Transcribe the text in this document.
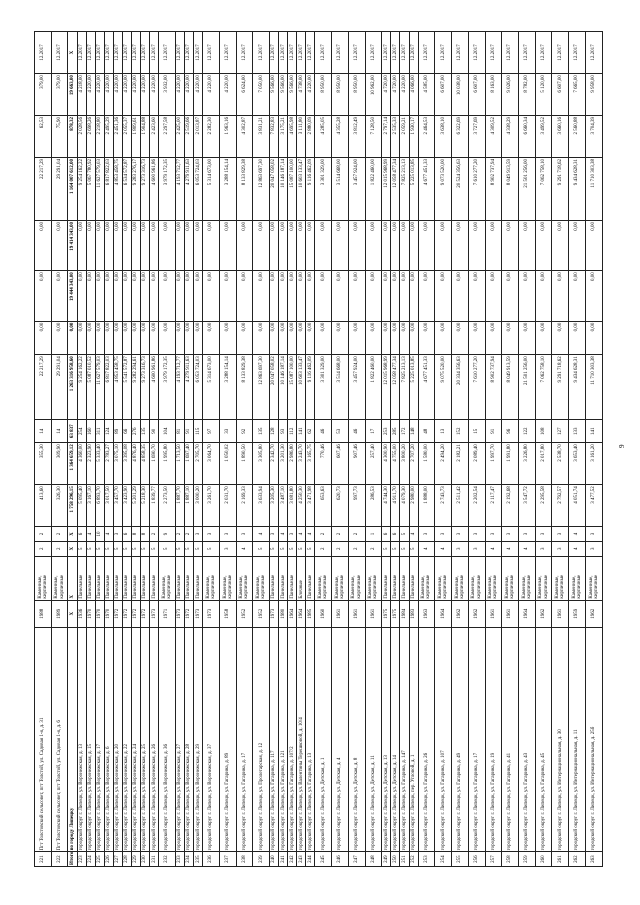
221	Пгт Толстовский сельсовет, пгт Толстой, ул. Садовая 1-я, д. 31	1988	Каменные, кирпичные	2	2	413,60	355,30	14	22 217,29	0,00	0,00	0,00	22 217,29	62,53	379,00	12.2017
222	Пгт Толстовский сельсовет, пгт Толстой, ул. Садовая 1-я, д. 6	1989	Каменные, кирпичные	2	2	326,30	309,90	14	29 291,04	0,00	0,00	0,00	29 291,04	75,90	379,00	12.2017
Итого по городу Липецку		X	X	X	X	1 758 296,15	1 364 659,12	63 837	1 263 316 958,60	0,00	19 444 343,00	19 414 343,00	1 164 007 612,00	878,32	19 663,00	X
223	городской округ г. Липецк, ул. Воронежская, д. 13	1936	Панельные	5	6	5 095,40	4 360,00	254	9 254 162,22	0,00	0,00	0,00	9 254 162,22	2 028,56	4 218,00	12.2017
224	городской округ г. Липецк, ул. Воронежская, д. 15	1970	Панельные	5	4	3 167,10	2 323,90	160	5 087 010,52	0,00	0,00	0,00	5 067 780,92	2 698,26	4 220,00	12.2017
225	городской округ г. Липецк, ул. Воронежская, д. 17	1970	Панельные	5	10	6 893,70	5 333,40	311	11 627 579,03	0,00	0,00	0,00	11 627 579,03	2 218,80	4 220,00	12.2017
226	городской округ г. Липецк, ул. Воронежская, д. 6	1970	Панельные	5	4	3 017,50	2 783,27	124	6 817 822,03	0,00	0,00	0,00	6 817 822,03	2 495,29	4 220,00	12.2017
227	городской округ г. Липецк, ул. Воронежская, д. 20	1972	Панельные	5	3	3 457,70	3 075,10	89	4 853 458,75	0,00	0,00	0,00	4 853 458,75	2 451,36	4 220,00	12.2017
228	городской округ г. Липецк, ул. Воронежская, д. 22	1972	Панельные	5	6	3 423,90	3 395,08	66	5 541 572,87	0,00	0,00	0,00	6 534 572,87	2 055,37	4 220,00	12.2017
229	городской округ г. Липецк, ул. Воронежская, д. 24	1972	Панельные	5	8	5 201,29	4 876,40	276	9 282 294,61	0,00	0,00	0,00	9 283 276,17	1 809,61	4 220,00	12.2017
230	городской округ г. Липецк, ул. Воронежская, д. 25	1972	Панельные	5	8	5 218,30	4 858,35	135	9 273 316,73	0,00	0,00	0,00	9 273 316,73	1 904,88	4 220,00	12.2017
231	городской округ г. Липецк, ул. Воронежская, д. 26	1973	Панельные	5	2	1 839,77	1 690,70	90	4 600 961,86	0,00	0,00	0,00	4 600 961,86	2 423,60	4 220,00	12.2017
232	городской округ г. Липецк, ул. Воронежская, д. 36	1971	Каменные, кирпичные	5	9	2 273,50	1 995,80	104	3 979 172,35	0,00	0,00	0,00	3 979 172,35	2 297,58	3 932,00	12.2017
233	городской округ г. Липецк, ул. Воронежская, д. 27	1973	Панельные	5	2	1 887,70	1 713,50	81	4 193 712,77	0,00	0,00	0,00	4 193 712,77	2 425,00	4 220,00	12.2017
234	городской округ г. Липецк, ул. Воронежская, д. 28	1972	Панельные	5	2	1 887,10	1 697,40	91	4 279 911,63	0,00	0,00	0,00	4 279 911,63	2 519,66	4 220,00	12.2017
235	городской округ г. Липецк, ул. Воронежская, д. 29	1973	Панельные	5	3	3 000,20	2 705,70	115	6 053 724,03	0,00	0,00	0,00	6 053 724,03	2 013,87	4 220,00	12.2017
236	городской округ г. Липецк, ул. Воронежская, д. 37	1973	Каменные, кирпичные	5	3	3 261,70	3 064,70	97	5 314 673,00	0,00	0,00	0,00	5 314 673,00	2 282,30	4 220,00	12.2017
237	городской округ г. Липецк, ул. Гагарина, д. 89	1958	Каменные, кирпичные	3	3	2 031,70	1 050,02	33	3 288 154,14	0,00	0,00	0,00	3 288 154,14	1 963,16	4 220,00	12.2017
238	городской округ г. Липецк, ул. Гагарина, д. 17	1952	Каменные, кирпичные	4	3	2 169,33	1 890,50	92	8 133 829,38	0,00	0,00	0,00	8 133 829,38	4 302,87	6 624,00	12.2017
239	городской округ г. Липецк, ул. Пролетарская, д. 12	1952	Каменные, кирпичные	5	4	3 633,94	3 305,80	135	12 863 697,30	0,00	0,00	0,00	12 863 697,30	3 831,21	7 050,00	12.2017
240	городской округ г. Липецк, ул. Гагарина, д. 117	1973	Панельные	5	3	3 205,30	2 342,70	128	20 047 058,02	0,00	0,00	0,00	20 047 058,02	7 832,83	9 566,00	12.2017
241	городской округ г. Липецк, ул. Гагарина, д. 121	1980	Панельные	5	4	3 487,10	3 201,30	93	10 146 187,14	0,00	0,00	0,00	10 146 187,14	3 175,21	9 566,00	12.2017
242	городской округ г. Липецк, ул. Гагарина, д. 107/2	1964	Панельные	5	3	3 081,80	2 986,80	112	15 087 100,00	0,00	0,00	0,00	15 087 100,00	4 695,98	9 566,00	12.2017
243	городской округ г. Липецк, ул. Валентины Терешковой, д. 10/4	1964	Блочные	5	4	4 250,30	3 243,70	141	10 603 133,47	0,00	0,00	0,00	10 603 133,47	3 111,80	4 738,00	12.2017
244	городской округ г. Липецк, ул. Гагарина, д. 13	1985	Панельные	5	4	3 471,98	3 165,75	62	9 116 462,09	0,00	0,00	0,00	9 116 462,09	2 880,09	4 220,00	12.2017
245	городской округ г. Липецк, ул. Детская, д. 1	1960	Каменные, кирпичные	2	2	653,63	770,46	46	3 301 329,00	0,00	0,00	0,00	3 301 329,00	4 285,05	8 950,00	12.2017
246	городской округ г. Липецк, ул. Детская, д. 4	1961	Каменные, кирпичные	2	2	620,73	607,46	53	3 514 668,00	0,00	0,00	0,00	3 514 668,00	4 355,28	8 950,00	12.2017
247	городской округ г. Липецк, ул. Детская, д. 8	1961	Каменные, кирпичные	2	2	997,73	907,46	46	3 457 924,00	0,00	0,00	0,00	3 457 924,00	3 812,49	8 950,00	12.2017
248	городской округ г. Липецк, ул. Детская, д. 11	1961	Каменные, кирпичные	2	1	286,53	257,40	17	1 822 460,00	0,00	0,00	0,00	1 822 460,00	7 128,50	10 962,00	12.2017
249	городской округ г. Липецк, ул. Детская, д. 13	1975	Панельные	5	6	4 744,30	4 300,90	253	12 015 968,99	0,00	0,00	0,00	12 015 968,99	2 797,14	4 720,00	12.2017
250	городской округ г. Липецк, ул. Детская, д. 14	1975	Панельные	5	6	4 911,70	4 755,00	285	12 058 477,34	0,00	0,00	0,00	12 058 477,34	2 535,33	4 720,00	12.2017
251	городской округ г. Липецк, ул. Гагарина, д. 147	1984	Панельные	5	5	4 079,30	3 800,20	172	7 825 213,13	0,00	0,00	0,00	7 825 213,13	2 059,21	4 220,00	12.2017
252	городской округ г. Липецк, пер. Угловой, д. 1	1983	Панельные	5	4	2 980,00	2 707,20	148	5 225 013,85	0,00	0,00	0,00	5 225 013,85	1 930,17	4 066,00	12.2017
253	городской округ г. Липецк, ул. Гагарина, д. 26	1963	Каменные, кирпичные	4	3	1 888,00	1 580,00	48	4 677 451,33	0,00	0,00	0,00	4 677 451,33	2 464,53	4 585,00	12.2017
254	городской округ г. Липецк, ул. Гагарина, д. 107	1964	Каменные, кирпичные	4	3	2 743,73	2 494,20	13	9 075 520,00	0,00	0,00	0,00	9 073 520,00	3 638,10	6 607,00	12.2017
255	городской округ г. Липецк, ул. Гагарина, д. 49	1962	Каменные, кирпичные	3	3	2 511,42	2 182,21	152	20 334 356,63	0,00	0,00	0,00	20 524 356,63	6 322,69	10 038,00	12.2017
256	городской округ г. Липецк, ул. Гагарина, д. 17	1962	Каменные, кирпичные	3	3	2 202,54	2 089,40	15	7 610 277,20	0,00	0,00	0,00	7 610 277,20	3 727,69	6 607,00	12.2017
257	городской округ г. Липецк, ул. Гагарина, д. 19	1961	Каменные, кирпичные	4	3	2 117,47	1 997,70	91	8 902 737,94	0,00	0,00	0,00	8 902 737,94	4 309,52	8 163,00	12.2017
258	городской округ г. Липецк, ул. Гагарина, д. 41	1961	Каменные, кирпичные	4	3	2 192,68	1 991,80	96	8 049 913,59	0,00	0,00	0,00	8 049 913,59	4 338,29	9 026,00	12.2017
259	городской округ г. Липецк, ул. Гагарина, д. 43	1964	Каменные, кирпичные	4	3	3 547,72	3 226,80	122	21 501 256,00	0,00	0,00	0,00	21 501 256,00	6 660,34	8 782,00	12.2017
260	городской округ г. Липецк, ул. Гагарина, д. 45	1962	Каменные, кирпичные	3	3	2 295,58	2 017,80	108	7 062 758,10	0,00	0,00	0,00	7 062 758,10	3 499,52	5 120,00	12.2017
261	городской округ г. Липецк, ул. Интернациональная, д. 30	1961	Каменные, кирпичные	3	3	2 792,57	2 538,70	127	9 291 718,62	0,00	0,00	0,00	9 291 718,62	3 660,16	6 607,00	12.2017
262	городской округ г. Липецк, ул. Интернациональная, д. 11	1959	Каменные, кирпичные	4	4	4 051,74	3 653,40	133	9 434 628,31	0,00	0,00	0,00	9 434 628,31	2 560,88	7 665,00	12.2017
263	городской округ г. Липецк, ул. Интернациональная, д. 25б	1962	Каменные, кирпичные	3	3	3 477,52	3 161,20	141	11 710 303,38	0,00	0,00	0,00	11 710 303,38	3 704,39	9 958,00	12.2017
9
